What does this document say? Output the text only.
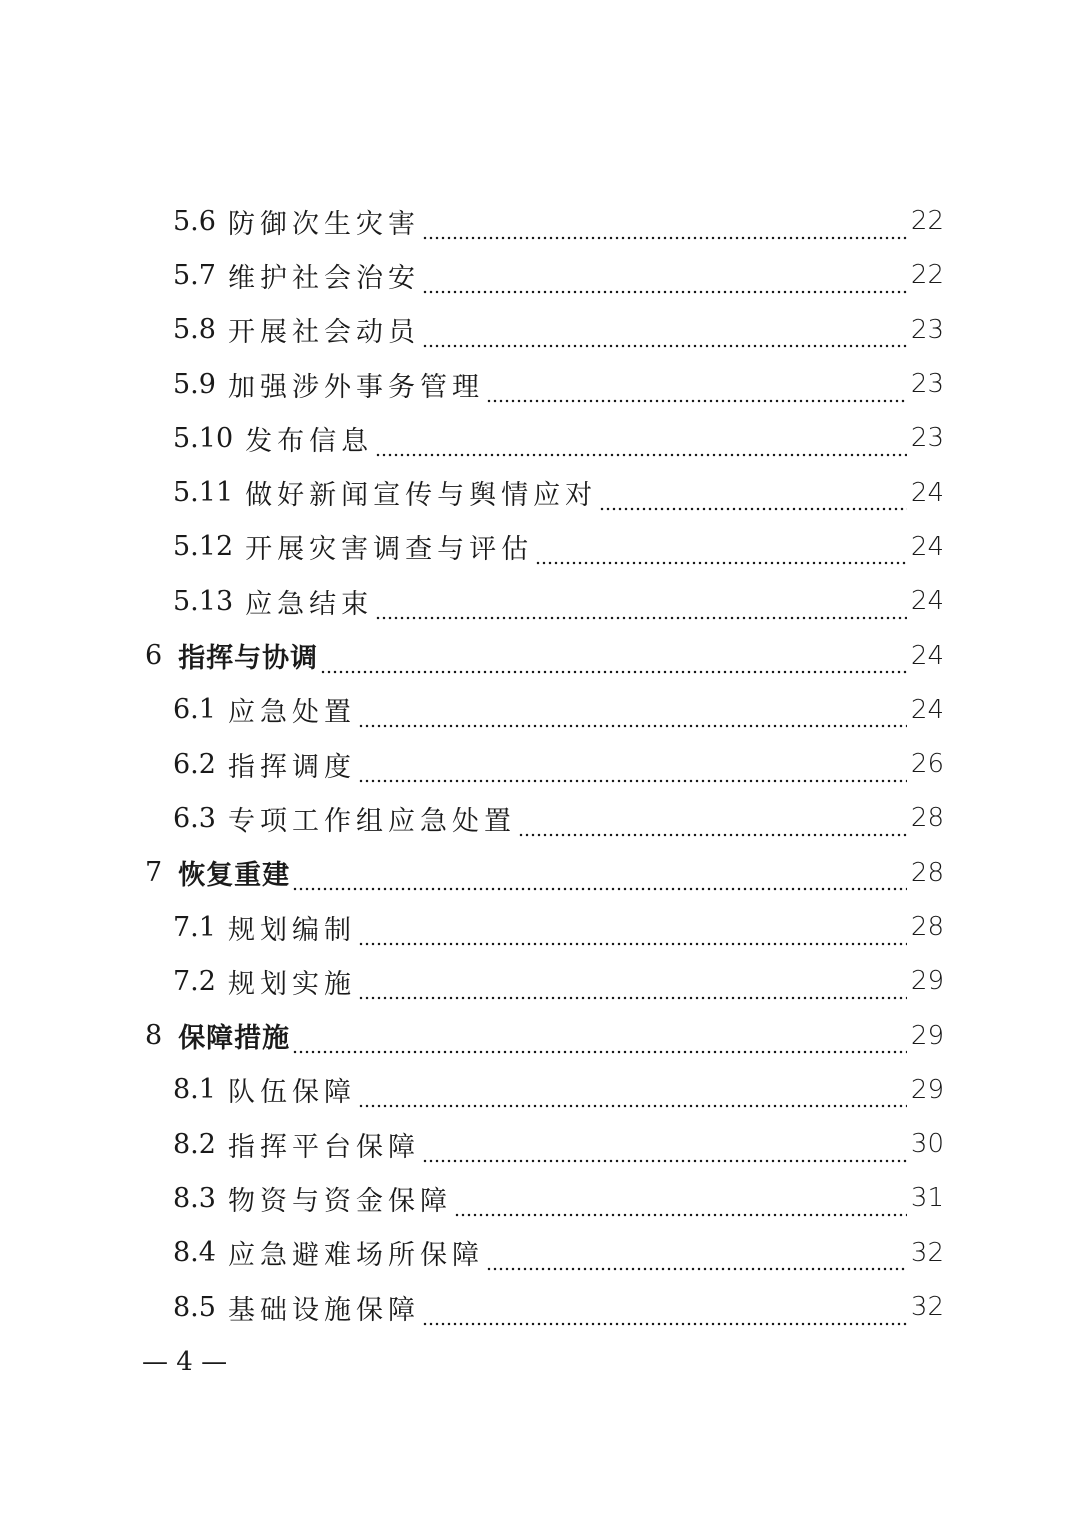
5.6 防御次生灾害	22
5.7 维护社会治安	22
5.8 开展社会动员	23
5.9 加强涉外事务管理	23
5.10 发布信息	23
5.11 做好新闻宣传与舆情应对	24
5.12 开展灾害调查与评估	24
5.13 应急结束	24
6 指挥与协调	24
6.1 应急处置	24
6.2 指挥调度	26
6.3 专项工作组应急处置	28
7 恢复重建	28
7.1 规划编制	28
7.2 规划实施	29
8 保障措施	29
8.1 队伍保障	29
8.2 指挥平台保障	30
8.3 物资与资金保障	31
8.4 应急避难场所保障	32
8.5 基础设施保障	32
— 4 —
